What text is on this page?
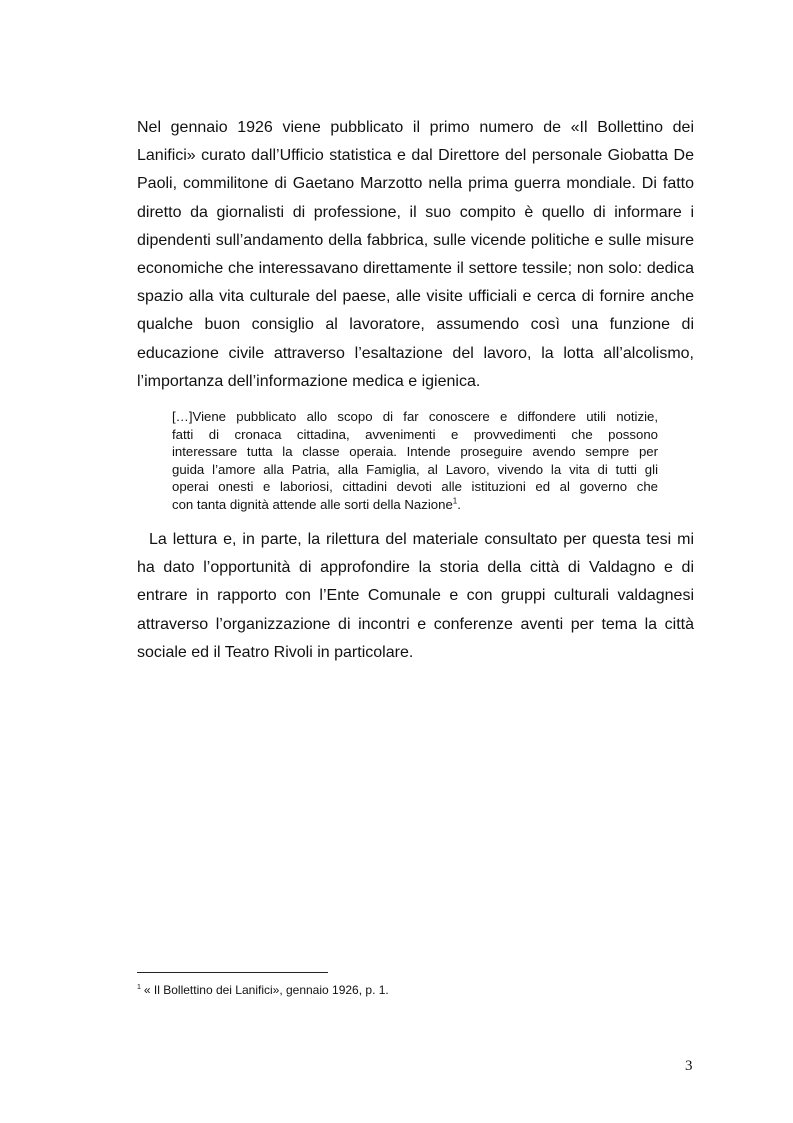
Nel gennaio 1926 viene pubblicato il primo numero de «Il Bollettino dei
Lanifici» curato dall’Ufficio statistica e dal Direttore del personale Giobatta De
Paoli, commilitone di Gaetano Marzotto nella prima guerra mondiale. Di fatto
diretto da giornalisti di professione, il suo compito è quello di informare i
dipendenti sull’andamento della fabbrica, sulle vicende politiche e sulle misure
economiche che interessavano direttamente il settore tessile; non solo: dedica
spazio alla vita culturale del paese, alle visite ufficiali e cerca di fornire anche
qualche buon consiglio al lavoratore, assumendo così una funzione di
educazione civile attraverso l’esaltazione del lavoro, la lotta all’alcolismo,
l’importanza dell’informazione medica e igienica.
[…]Viene pubblicato allo scopo di far conoscere e diffondere utili notizie,
fatti di cronaca cittadina, avvenimenti e provvedimenti che possono
interessare tutta la classe operaia. Intende proseguire avendo sempre per
guida l’amore alla Patria, alla Famiglia, al Lavoro, vivendo la vita di tutti gli
operai onesti e laboriosi, cittadini devoti alle istituzioni ed al governo che
con tanta dignità attende alle sorti della Nazione$^1$.
La lettura e, in parte, la rilettura del materiale consultato per questa tesi mi
ha dato l’opportunità di approfondire la storia della città di Valdagno e di
entrare in rapporto con l’Ente Comunale e con gruppi culturali valdagnesi
attraverso l’organizzazione di incontri e conferenze aventi per tema la città
sociale ed il Teatro Rivoli in particolare.

$^1$ « Il Bollettino dei Lanifici», gennaio 1926, p. 1.

3
